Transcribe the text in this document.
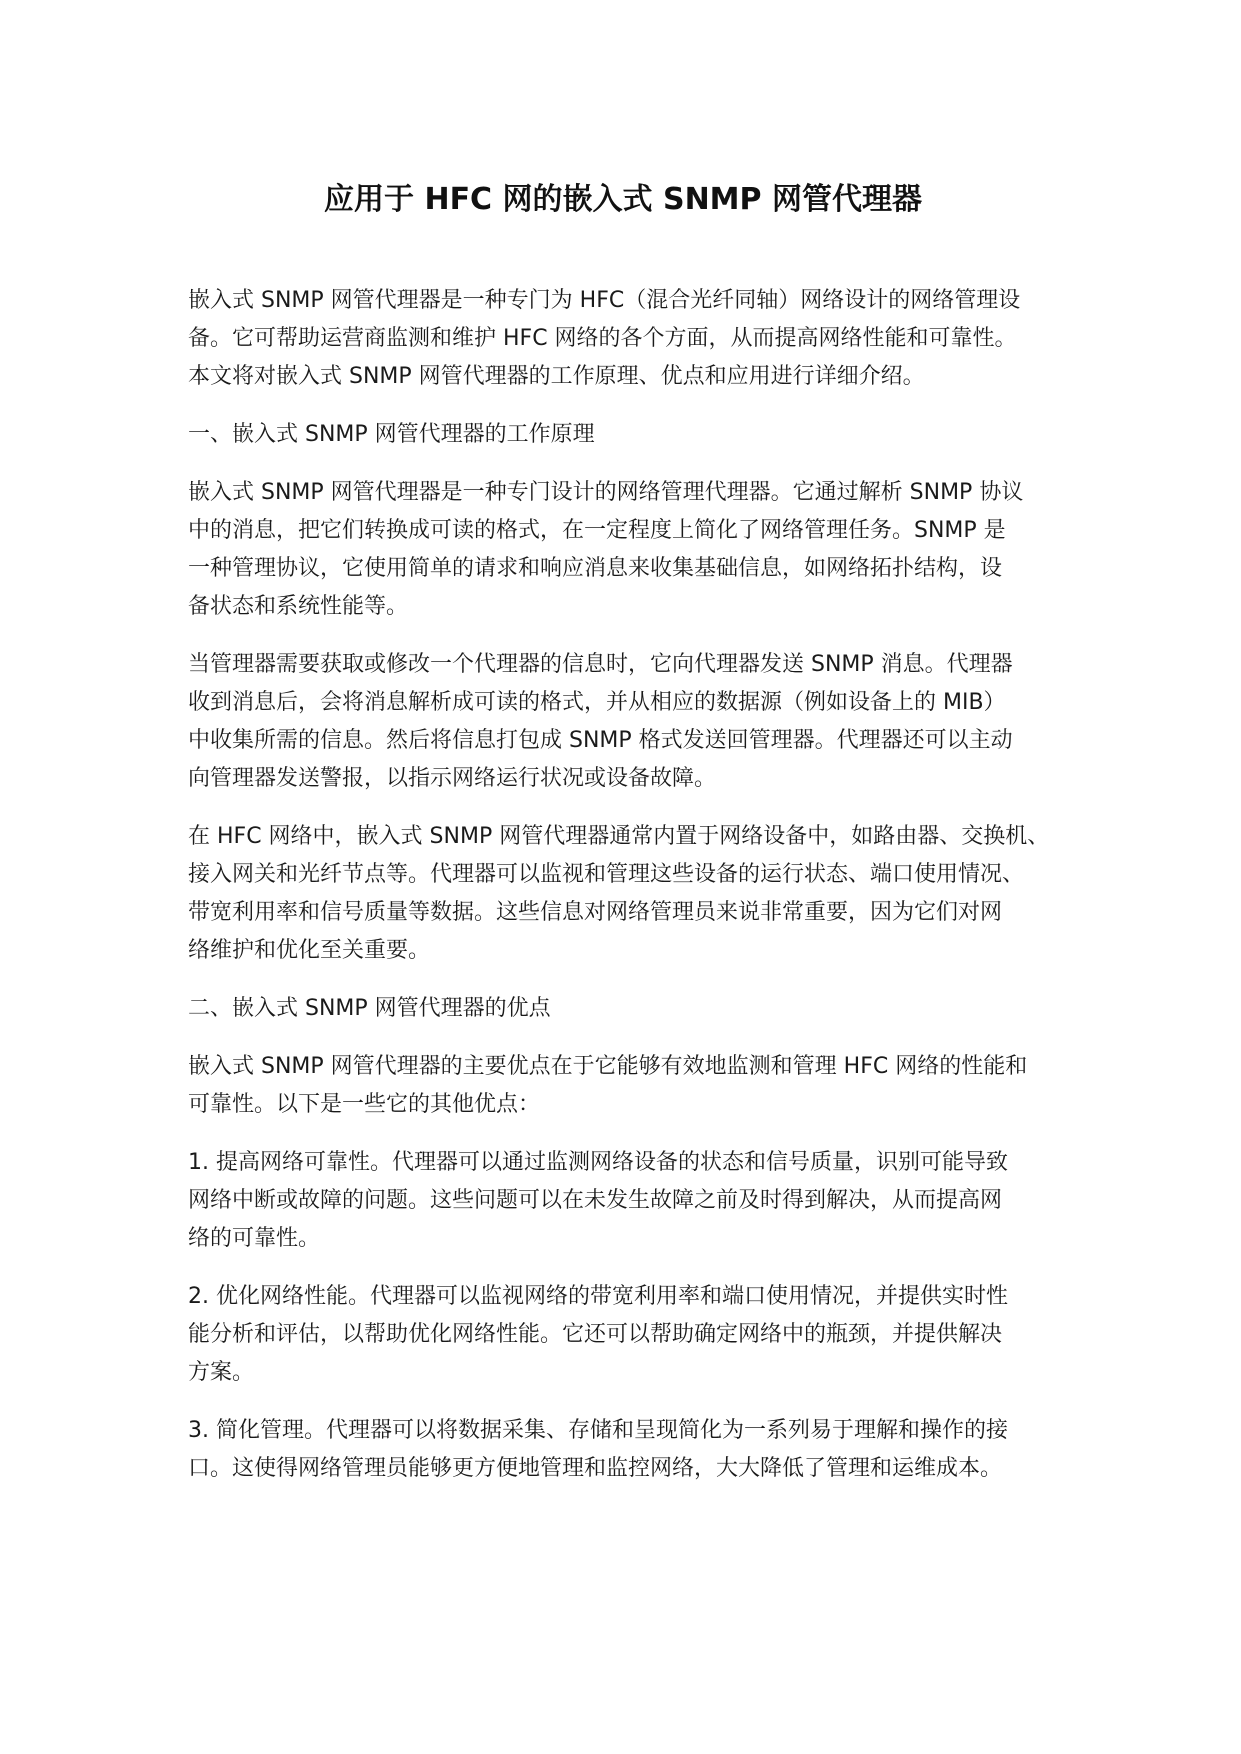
应用于 HFC 网的嵌入式 SNMP 网管代理器

嵌入式 SNMP 网管代理器是一种专门为 HFC（混合光纤同轴）网络设计的网络管理设
备。它可帮助运营商监测和维护 HFC 网络的各个方面，从而提高网络性能和可靠性。
本文将对嵌入式 SNMP 网管代理器的工作原理、优点和应用进行详细介绍。

一、嵌入式 SNMP 网管代理器的工作原理

嵌入式 SNMP 网管代理器是一种专门设计的网络管理代理器。它通过解析 SNMP 协议
中的消息，把它们转换成可读的格式，在一定程度上简化了网络管理任务。SNMP 是
一种管理协议，它使用简单的请求和响应消息来收集基础信息，如网络拓扑结构，设
备状态和系统性能等。

当管理器需要获取或修改一个代理器的信息时，它向代理器发送 SNMP 消息。代理器
收到消息后，会将消息解析成可读的格式，并从相应的数据源（例如设备上的 MIB）
中收集所需的信息。然后将信息打包成 SNMP 格式发送回管理器。代理器还可以主动
向管理器发送警报，以指示网络运行状况或设备故障。

在 HFC 网络中，嵌入式 SNMP 网管代理器通常内置于网络设备中，如路由器、交换机、
接入网关和光纤节点等。代理器可以监视和管理这些设备的运行状态、端口使用情况、
带宽利用率和信号质量等数据。这些信息对网络管理员来说非常重要，因为它们对网
络维护和优化至关重要。

二、嵌入式 SNMP 网管代理器的优点

嵌入式 SNMP 网管代理器的主要优点在于它能够有效地监测和管理 HFC 网络的性能和
可靠性。以下是一些它的其他优点：

1. 提高网络可靠性。代理器可以通过监测网络设备的状态和信号质量，识别可能导致
网络中断或故障的问题。这些问题可以在未发生故障之前及时得到解决，从而提高网
络的可靠性。

2. 优化网络性能。代理器可以监视网络的带宽利用率和端口使用情况，并提供实时性
能分析和评估，以帮助优化网络性能。它还可以帮助确定网络中的瓶颈，并提供解决
方案。

3. 简化管理。代理器可以将数据采集、存储和呈现简化为一系列易于理解和操作的接
口。这使得网络管理员能够更方便地管理和监控网络，大大降低了管理和运维成本。
